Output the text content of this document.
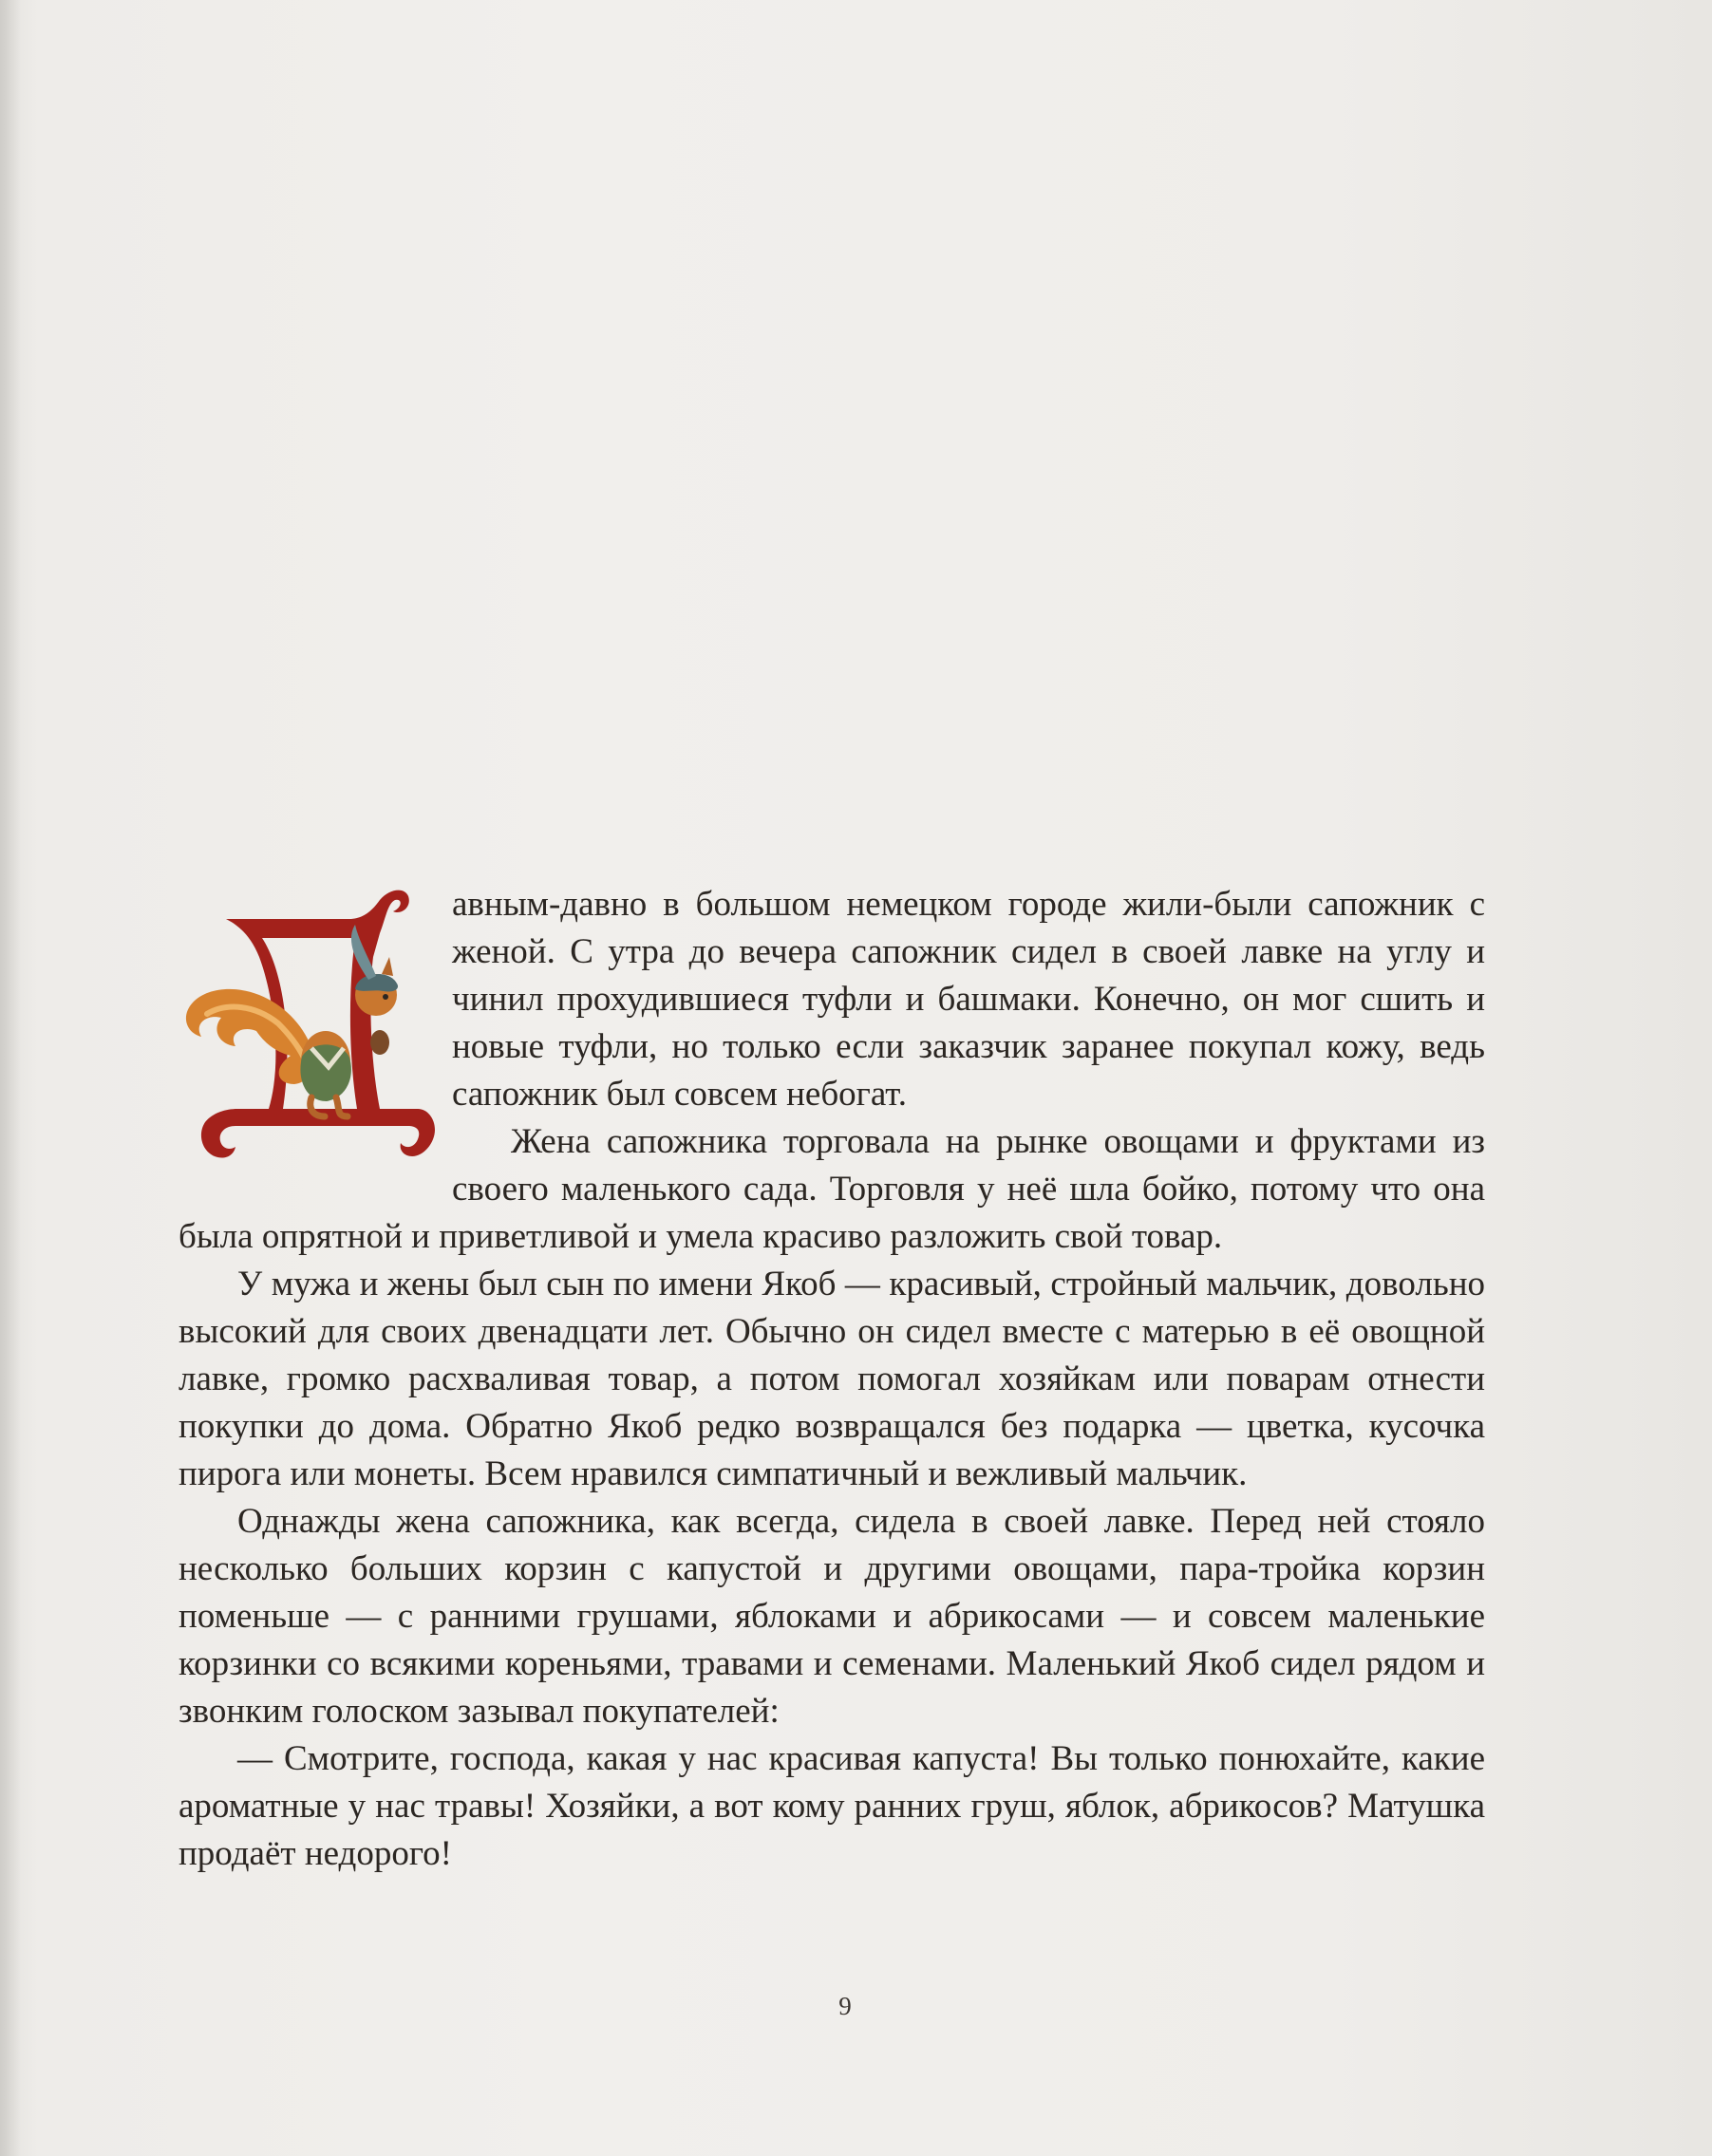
авным-давно в большом немецком городе жили-были сапожник с женой. С утра до вечера сапожник сидел в своей лавке на углу и чинил прохудившиеся туфли и башмаки. Конечно, он мог сшить и новые туфли, но только если заказчик заранее покупал кожу, ведь сапожник был совсем небогат.

Жена сапожника торговала на рынке овощами и фруктами из своего маленького сада. Торговля у неё шла бойко, потому что она была опрятной и приветливой и умела красиво разложить свой товар.

У мужа и жены был сын по имени Якоб — красивый, стройный мальчик, довольно высокий для своих двенадцати лет. Обычно он сидел вместе с матерью в её овощной лавке, громко расхваливая товар, а потом помогал хозяйкам или поварам отнести покупки до дома. Обратно Якоб редко возвращался без подарка — цветка, кусочка пирога или монеты. Всем нравился симпатичный и вежливый мальчик.

Однажды жена сапожника, как всегда, сидела в своей лавке. Перед ней стояло несколько больших корзин с капустой и другими овощами, пара-тройка корзин поменьше — с ранними грушами, яблоками и абрикосами — и совсем маленькие корзинки со всякими кореньями, травами и семенами. Маленький Якоб сидел рядом и звонким голоском зазывал покупателей:

— Смотрите, господа, какая у нас красивая капуста! Вы только понюхайте, какие ароматные у нас травы! Хозяйки, а вот кому ранних груш, яблок, абрикосов? Матушка продаёт недорого!

9
